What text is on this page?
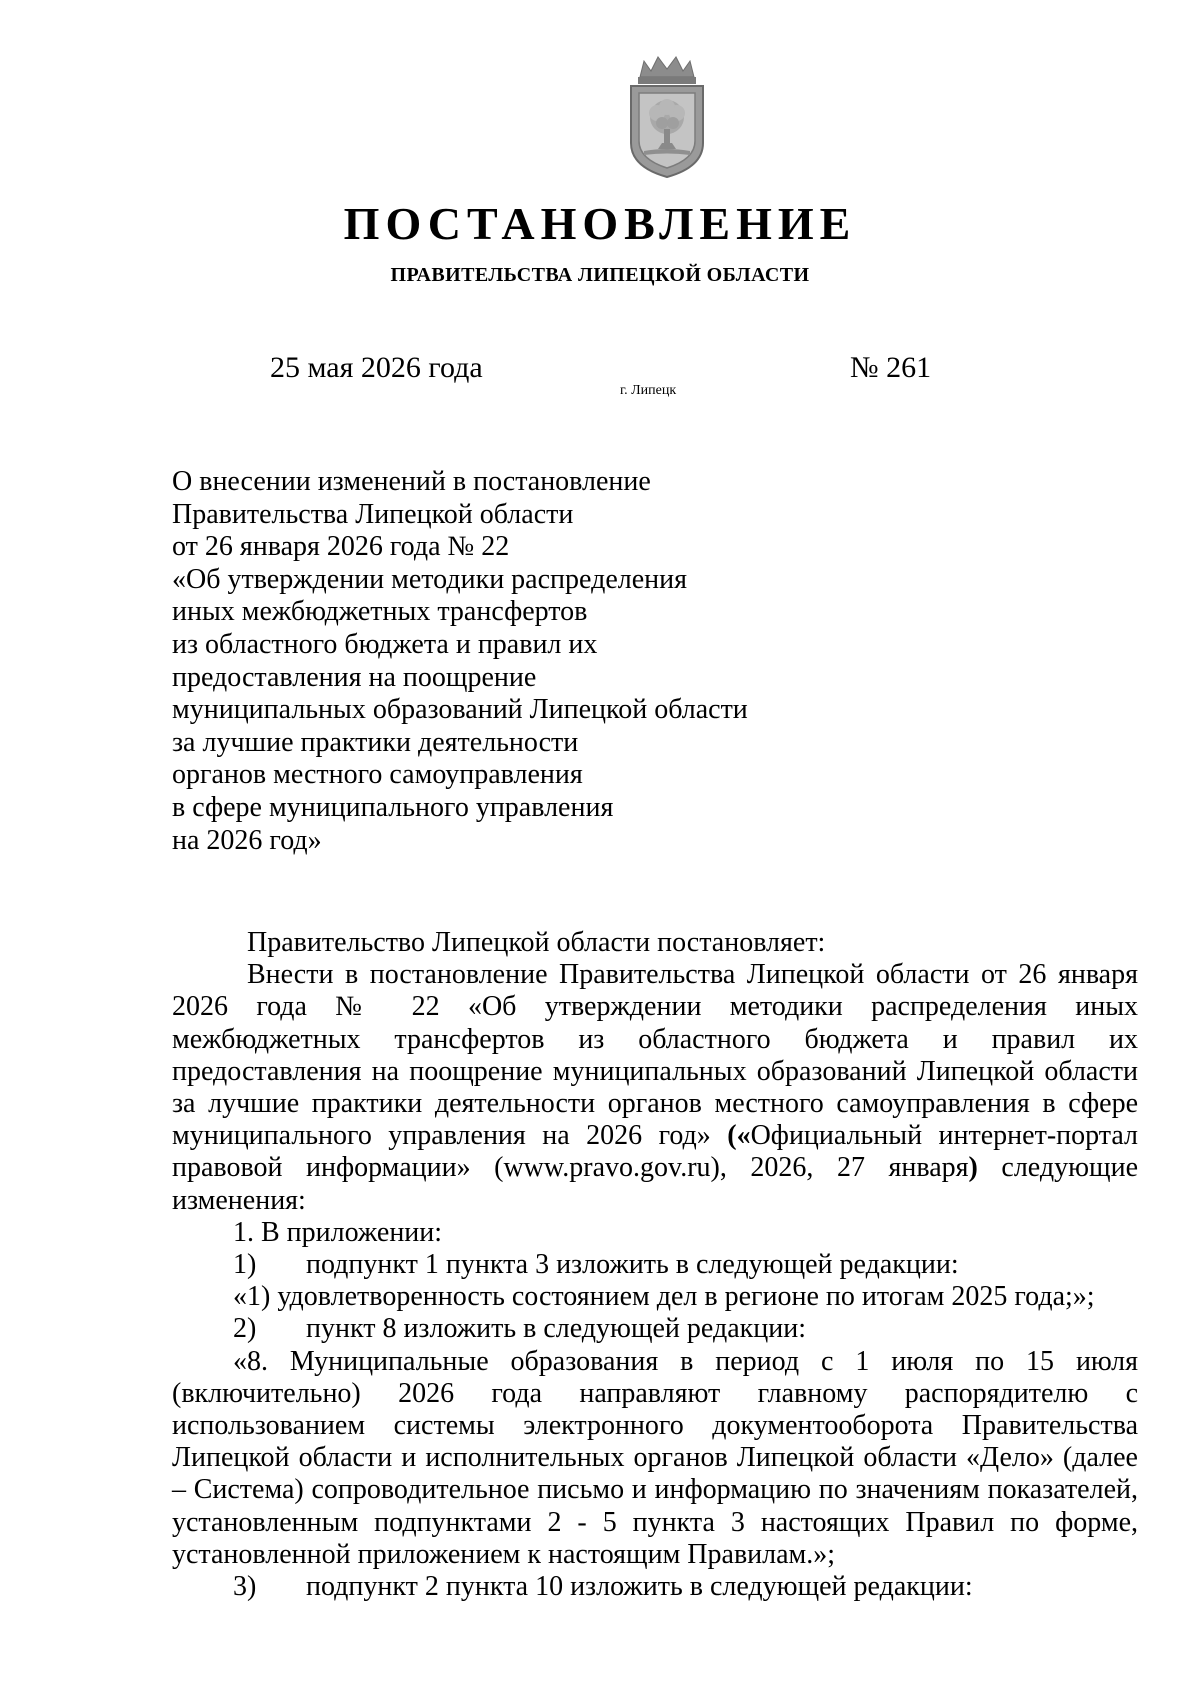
ПОСТАНОВЛЕНИЕ
ПРАВИТЕЛЬСТВА ЛИПЕЦКОЙ ОБЛАСТИ
25 мая 2026 года
г. Липецк
№ 261
О внесении изменений в постановление
Правительства Липецкой области
от 26 января 2026 года № 22
«Об утверждении методики распределения
иных межбюджетных трансфертов
из областного бюджета и правил их
предоставления на поощрение
муниципальных образований Липецкой области
за лучшие практики деятельности
органов местного самоуправления
в сфере муниципального управления
на 2026 год»

Правительство Липецкой области постановляет:

Внести в постановление Правительства Липецкой области от 26 января 2026 года № 22 «Об утверждении методики распределения иных межбюджетных трансфертов из областного бюджета и правил их предоставления на поощрение муниципальных образований Липецкой области за лучшие практики деятельности органов местного самоуправления в сфере муниципального управления на 2026 год» («Официальный интернет-портал правовой информации» (www.pravo.gov.ru), 2026, 27 января) следующие изменения:

1. В приложении:

1) подпункт 1 пункта 3 изложить в следующей редакции:

«1) удовлетворенность состоянием дел в регионе по итогам 2025 года;»;

2) пункт 8 изложить в следующей редакции:

«8. Муниципальные образования в период с 1 июля по 15 июля (включительно) 2026 года направляют главному распорядителю с использованием системы электронного документооборота Правительства Липецкой области и исполнительных органов Липецкой области «Дело» (далее – Система) сопроводительное письмо и информацию по значениям показателей, установленным подпунктами 2 - 5 пункта 3 настоящих Правил по форме, установленной приложением к настоящим Правилам.»;

3) подпункт 2 пункта 10 изложить в следующей редакции:
